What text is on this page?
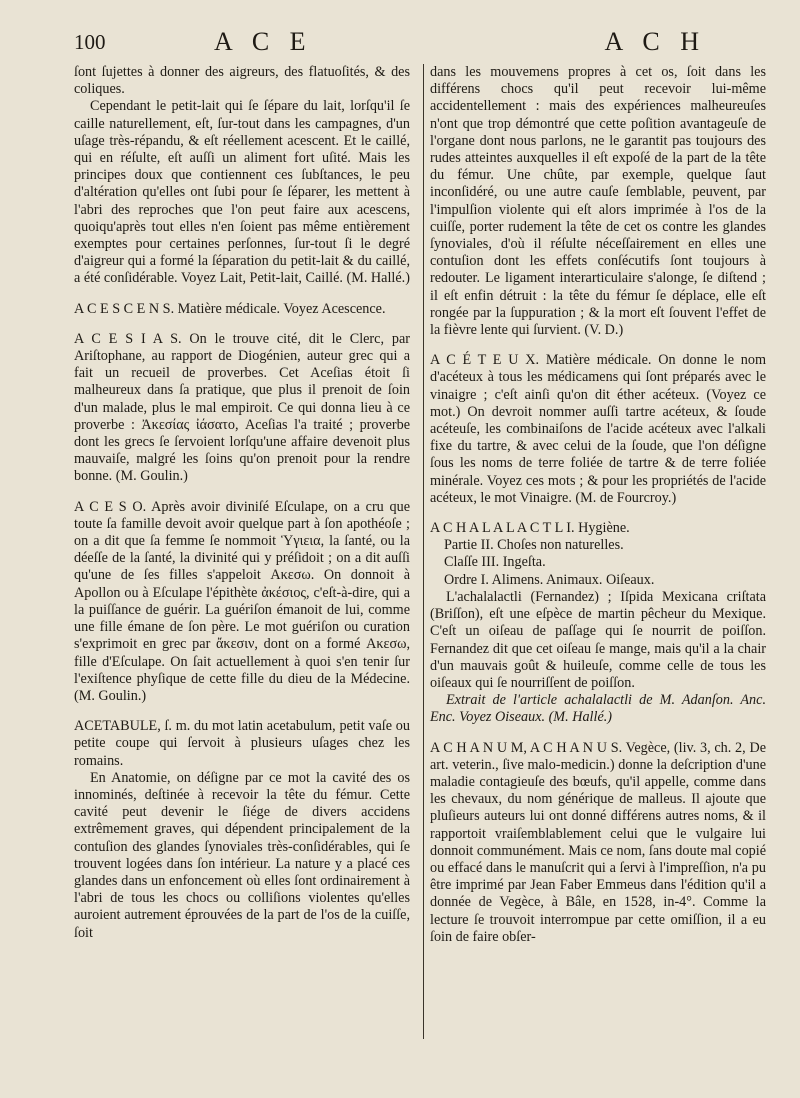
100	A C E	A C H

ſont ſujettes à donner des aigreurs, des flatuoſités, & des coliques.

Cependant le petit-lait qui ſe ſépare du lait, lorſqu'il ſe caille naturellement, eſt, ſur-tout dans les campagnes, d'un uſage très-répandu, & eſt réellement acescent. Et le caillé, qui en réſulte, eſt auſſi un aliment fort uſité. Mais les principes doux que contiennent ces ſubſtances, le peu d'altération qu'elles ont ſubi pour ſe ſéparer, les mettent à l'abri des reproches que l'on peut faire aux acescens, quoiqu'après tout elles n'en ſoient pas même entièrement exemptes pour certaines perſonnes, ſur-tout ſi le degré d'aigreur qui a formé la ſéparation du petit-lait & du caillé, a été conſidérable. Voyez Lait, Petit-lait, Caillé. (M. Hallé.)

A C E S C E N S. Matière médicale. Voyez Acescence.

A C E S I A S. On le trouve cité, dit le Clerc, par Ariſtophane, au rapport de Diogénien, auteur grec qui a fait un recueil de proverbes. Cet Aceſias étoit ſi malheureux dans ſa pratique, que plus il prenoit de ſoin d'un malade, plus le mal empiroit. Ce qui donna lieu à ce proverbe : Ἀκεσίας ἰάσατο, Aceſias l'a traité ; proverbe dont les grecs ſe ſervoient lorſqu'une affaire devenoit plus mauvaiſe, malgré les ſoins qu'on prenoit pour la rendre bonne. (M. Goulin.)

A C E S O. Après avoir diviniſé Eſculape, on a cru que toute ſa famille devoit avoir quelque part à ſon apothéoſe ; on a dit que ſa femme ſe nommoit Ὑγιεια, la ſanté, ou la déeſſe de la ſanté, la divinité qui y préſidoit ; on a dit auſſi qu'une de ſes filles s'appeloit Ακεσω. On donnoit à Apollon ou à Eſculape l'épithète ἀκέσιος, c'eſt-à-dire, qui a la puiſſance de guérir. La guériſon émanoit de lui, comme une fille émane de ſon père. Le mot guériſon ou curation s'exprimoit en grec par ἄκεσιν, dont on a formé Ακεσω, fille d'Eſculape. On ſait actuellement à quoi s'en tenir ſur l'exiſtence phyſique de cette fille du dieu de la Médecine. (M. Goulin.)

ACETABULE, ſ. m. du mot latin acetabulum, petit vaſe ou petite coupe qui ſervoit à plusieurs uſages chez les romains.

En Anatomie, on déſigne par ce mot la cavité des os innominés, deſtinée à recevoir la tête du fémur. Cette cavité peut devenir le ſiége de divers accidens extrêmement graves, qui dépendent principalement de la contuſion des glandes ſynoviales très-conſidérables, qui ſe trouvent logées dans ſon intérieur. La nature y a placé ces glandes dans un enfoncement où elles ſont ordinairement à l'abri de tous les chocs ou colliſions violentes qu'elles auroient autrement éprouvées de la part de l'os de la cuiſſe, ſoit

dans les mouvemens propres à cet os, ſoit dans les différens chocs qu'il peut recevoir lui-même accidentellement : mais des expériences malheureuſes n'ont que trop démontré que cette poſition avantageuſe de l'organe dont nous parlons, ne le garantit pas toujours des rudes atteintes auxquelles il eſt expoſé de la part de la tête du fémur. Une chûte, par exemple, quelque ſaut inconſidéré, ou une autre cauſe ſemblable, peuvent, par l'impulſion violente qui eſt alors imprimée à l'os de la cuiſſe, porter rudement la tête de cet os contre les glandes ſynoviales, d'où il réſulte néceſſairement en elles une contuſion dont les effets conſécutifs ſont toujours à redouter. Le ligament interarticulaire s'alonge, ſe diſtend ; il eſt enfin détruit : la tête du fémur ſe déplace, elle eſt rongée par la ſuppuration ; & la mort eſt ſouvent l'effet de la fièvre lente qui ſurvient. (V. D.)

A C É T E U X. Matière médicale. On donne le nom d'acéteux à tous les médicamens qui ſont préparés avec le vinaigre ; c'eſt ainſi qu'on dit éther acéteux. (Voyez ce mot.) On devroit nommer auſſi tartre acéteux, & ſoude acéteuſe, les combinaiſons de l'acide acéteux avec l'alkali fixe du tartre, & avec celui de la ſoude, que l'on déſigne ſous les noms de terre foliée de tartre & de terre foliée minérale. Voyez ces mots ; & pour les propriétés de l'acide acéteux, le mot Vinaigre. (M. de Fourcroy.)

A C H A L A L A C T L I. Hygiène.

Partie II. Choſes non naturelles.

Claſſe III. Ingeſta.

Ordre I. Alimens. Animaux. Oiſeaux.

L'achalalactli (Fernandez) ; Iſpida Mexicana criſtata (Briſſon), eſt une eſpèce de martin pêcheur du Mexique. C'eſt un oiſeau de paſſage qui ſe nourrit de poiſſon. Fernandez dit que cet oiſeau ſe mange, mais qu'il a la chair d'un mauvais goût & huileuſe, comme celle de tous les oiſeaux qui ſe nourriſſent de poiſſon.

Extrait de l'article achalalactli de M. Adanſon. Anc. Enc. Voyez Oiseaux. (M. Hallé.)

A C H A N U M, A C H A N U S. Vegèce, (liv. 3, ch. 2, De art. veterin., ſive malo-medicin.) donne la deſcription d'une maladie contagieuſe des bœufs, qu'il appelle, comme dans les chevaux, du nom générique de malleus. Il ajoute que pluſieurs auteurs lui ont donné différens autres noms, & il rapportoit vraiſemblablement celui que le vulgaire lui donnoit communément. Mais ce nom, ſans doute mal copié ou effacé dans le manuſcrit qui a ſervi à l'impreſſion, n'a pu être imprimé par Jean Faber Emmeus dans l'édition qu'il a donnée de Vegèce, à Bâle, en 1528, in-4°. Comme la lecture ſe trouvoit interrompue par cette omiſſion, il a eu ſoin de faire obſer-
